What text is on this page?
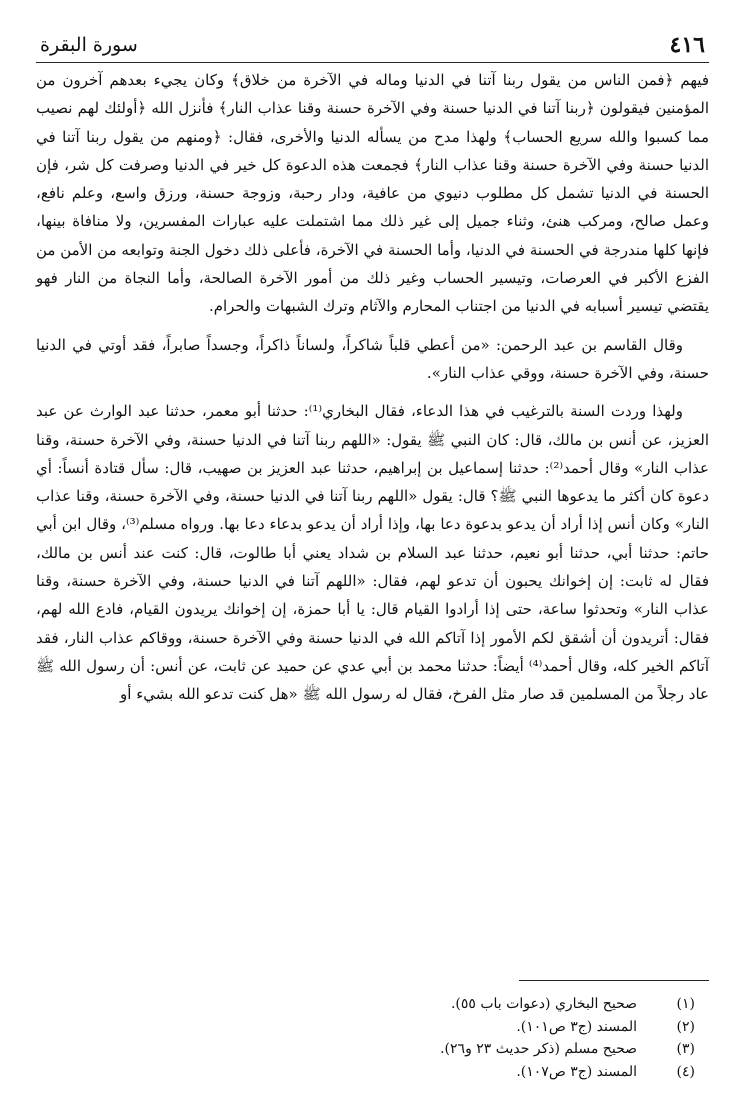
٤١٦
سورة البقرة

فيهم ﴿فمن الناس من يقول ربنا آتنا في الدنيا وماله في الآخرة من خلاق﴾ وكان يجيء بعدهم آخرون من المؤمنين فيقولون ﴿ربنا آتنا في الدنيا حسنة وفي الآخرة حسنة وقنا عذاب النار﴾ فأنزل الله ﴿أولئك لهم نصيب مما كسبوا والله سريع الحساب﴾ ولهذا مدح من يسأله الدنيا والأخرى، فقال: ﴿ومنهم من يقول ربنا آتنا في الدنيا حسنة وفي الآخرة حسنة وقنا عذاب النار﴾ فجمعت هذه الدعوة كل خير في الدنيا وصرفت كل شر، فإن الحسنة في الدنيا تشمل كل مطلوب دنيوي من عافية، ودار رحبة، وزوجة حسنة، ورزق واسع، وعلم نافع، وعمل صالح، ومركب هنئ، وثناء جميل إلى غير ذلك مما اشتملت عليه عبارات المفسرين، ولا منافاة بينها، فإنها كلها مندرجة في الحسنة في الدنيا، وأما الحسنة في الآخرة، فأعلى ذلك دخول الجنة وتوابعه من الأمن من الفزع الأكبر في العرصات، وتيسير الحساب وغير ذلك من أمور الآخرة الصالحة، وأما النجاة من النار فهو يقتضي تيسير أسبابه في الدنيا من اجتناب المحارم والآثام وترك الشبهات والحرام.

وقال القاسم بن عبد الرحمن: «من أعطي قلباً شاكراً، ولساناً ذاكراً، وجسداً صابراً، فقد أوتي في الدنيا حسنة، وفي الآخرة حسنة، ووقي عذاب النار».

ولهذا وردت السنة بالترغيب في هذا الدعاء، فقال البخاري⁽¹⁾: حدثنا أبو معمر، حدثنا عبد الوارث عن عبد العزيز، عن أنس بن مالك، قال: كان النبي ﷺ يقول: «اللهم ربنا آتنا في الدنيا حسنة، وفي الآخرة حسنة، وقنا عذاب النار» وقال أحمد⁽²⁾: حدثنا إسماعيل بن إبراهيم، حدثنا عبد العزيز بن صهيب، قال: سأل قتادة أنساً: أي دعوة كان أكثر ما يدعوها النبي ﷺ؟ قال: يقول «اللهم ربنا آتنا في الدنيا حسنة، وفي الآخرة حسنة، وقنا عذاب النار» وكان أنس إذا أراد أن يدعو بدعوة دعا بها، وإذا أراد أن يدعو بدعاء دعا بها. ورواه مسلم⁽³⁾، وقال ابن أبي حاتم: حدثنا أبي، حدثنا أبو نعيم، حدثنا عبد السلام بن شداد يعني أبا طالوت، قال: كنت عند أنس بن مالك، فقال له ثابت: إن إخوانك يحبون أن تدعو لهم، فقال: «اللهم آتنا في الدنيا حسنة، وفي الآخرة حسنة، وقنا عذاب النار» وتحدثوا ساعة، حتى إذا أرادوا القيام قال: يا أبا حمزة، إن إخوانك يريدون القيام، فادع الله لهم، فقال: أتريدون أن أشقق لكم الأمور إذا آتاكم الله في الدنيا حسنة وفي الآخرة حسنة، ووقاكم عذاب النار، فقد آتاكم الخير كله، وقال أحمد⁽⁴⁾ أيضاً: حدثنا محمد بن أبي عدي عن حميد عن ثابت، عن أنس: أن رسول الله ﷺ عاد رجلاً من المسلمين قد صار مثل الفرخ، فقال له رسول الله ﷺ «هل كنت تدعو الله بشيء أو

(١)
صحيح البخاري (دعوات باب ٥٥).
(٢)
المسند (ج٣ ص١٠١).
(٣)
صحيح مسلم (ذكر حديث ٢٣ و٢٦).
(٤)
المسند (ج٣ ص١٠٧).
